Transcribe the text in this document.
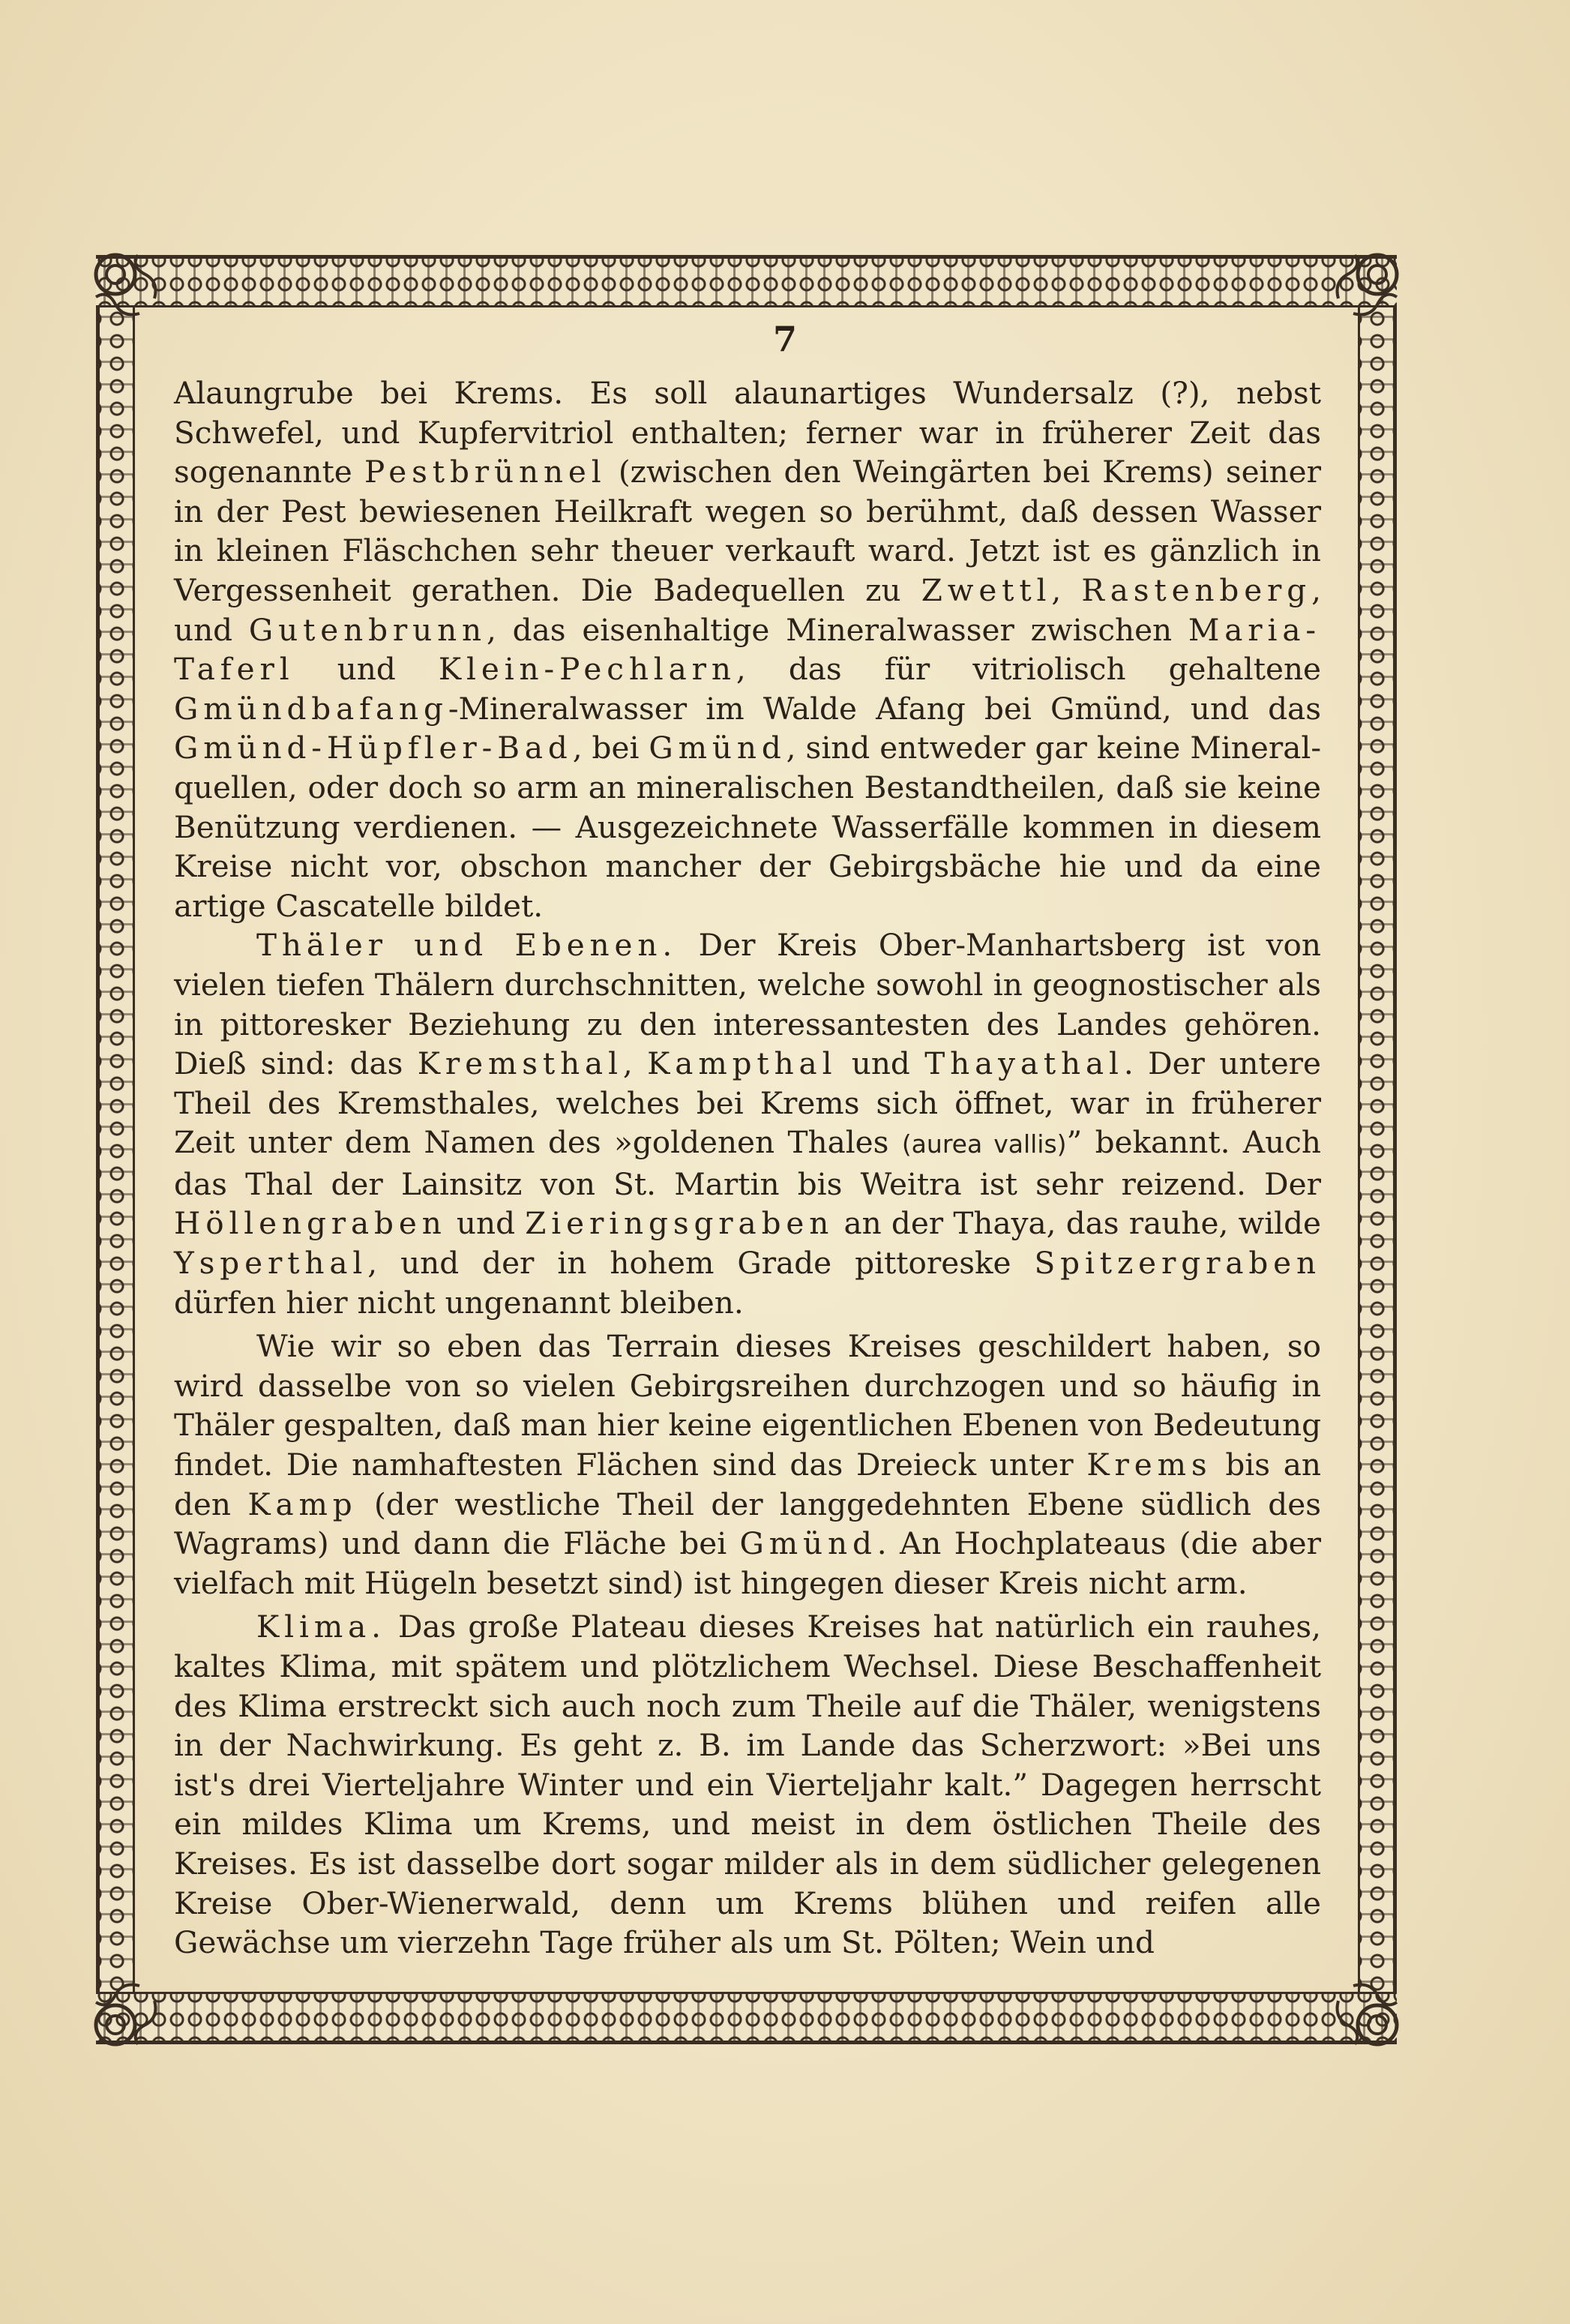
7

Alaungrube bei Krems. Es soll alaunartiges Wundersalz (?), nebst Schwefel, und Kupfervitriol enthalten; ferner war in früherer Zeit das sogenannte Pestbrünnel (zwischen den Weingärten bei Krems) seiner in der Pest bewiesenen Heilkraft wegen so berühmt, daß dessen Wasser in kleinen Fläschchen sehr theuer verkauft ward. Jetzt ist es gänzlich in Vergessenheit gerathen. Die Badequellen zu Zwettl, Rastenberg, und Gutenbrunn, das eisenhaltige Mineralwasser zwischen Maria-Taferl und Klein-Pechlarn, das für vitriolisch gehaltene Gmündbafang-Mineralwasser im Walde Afang bei Gmünd, und das Gmünd-Hüpfler-Bad, bei Gmünd, sind entweder gar keine Mineralquellen, oder doch so arm an mineralischen Bestandtheilen, daß sie keine Benützung verdienen. — Ausgezeichnete Wasserfälle kommen in diesem Kreise nicht vor, obschon mancher der Gebirgsbäche hie und da eine artige Cascatelle bildet.

Thäler und Ebenen. Der Kreis Ober-Manhartsberg ist von vielen tiefen Thälern durchschnitten, welche sowohl in geognostischer als in pittoresker Beziehung zu den interessantesten des Landes gehören. Dieß sind: das Kremsthal, Kampthal und Thayathal. Der untere Theil des Kremsthales, welches bei Krems sich öffnet, war in früherer Zeit unter dem Namen des »goldenen Thales (aurea vallis)” bekannt. Auch das Thal der Lainsitz von St. Martin bis Weitra ist sehr reizend. Der Höllengraben und Zieringsgraben an der Thaya, das rauhe, wilde Ysperthal, und der in hohem Grade pittoreske Spitzergraben dürfen hier nicht ungenannt bleiben.

Wie wir so eben das Terrain dieses Kreises geschildert haben, so wird dasselbe von so vielen Gebirgsreihen durchzogen und so häufig in Thäler gespalten, daß man hier keine eigentlichen Ebenen von Bedeutung findet. Die namhaftesten Flächen sind das Dreieck unter Krems bis an den Kamp (der westliche Theil der langgedehnten Ebene südlich des Wagrams) und dann die Fläche bei Gmünd. An Hochplateaus (die aber vielfach mit Hügeln besetzt sind) ist hingegen dieser Kreis nicht arm.

Klima. Das große Plateau dieses Kreises hat natürlich ein rauhes, kaltes Klima, mit spätem und plötzlichem Wechsel. Diese Beschaffenheit des Klima erstreckt sich auch noch zum Theile auf die Thäler, wenigstens in der Nachwirkung. Es geht z. B. im Lande das Scherzwort: »Bei uns ist's drei Vierteljahre Winter und ein Vierteljahr kalt.” Dagegen herrscht ein mildes Klima um Krems, und meist in dem östlichen Theile des Kreises. Es ist dasselbe dort sogar milder als in dem südlicher gelegenen Kreise Ober-Wienerwald, denn um Krems blühen und reifen alle Gewächse um vierzehn Tage früher als um St. Pölten; Wein und
